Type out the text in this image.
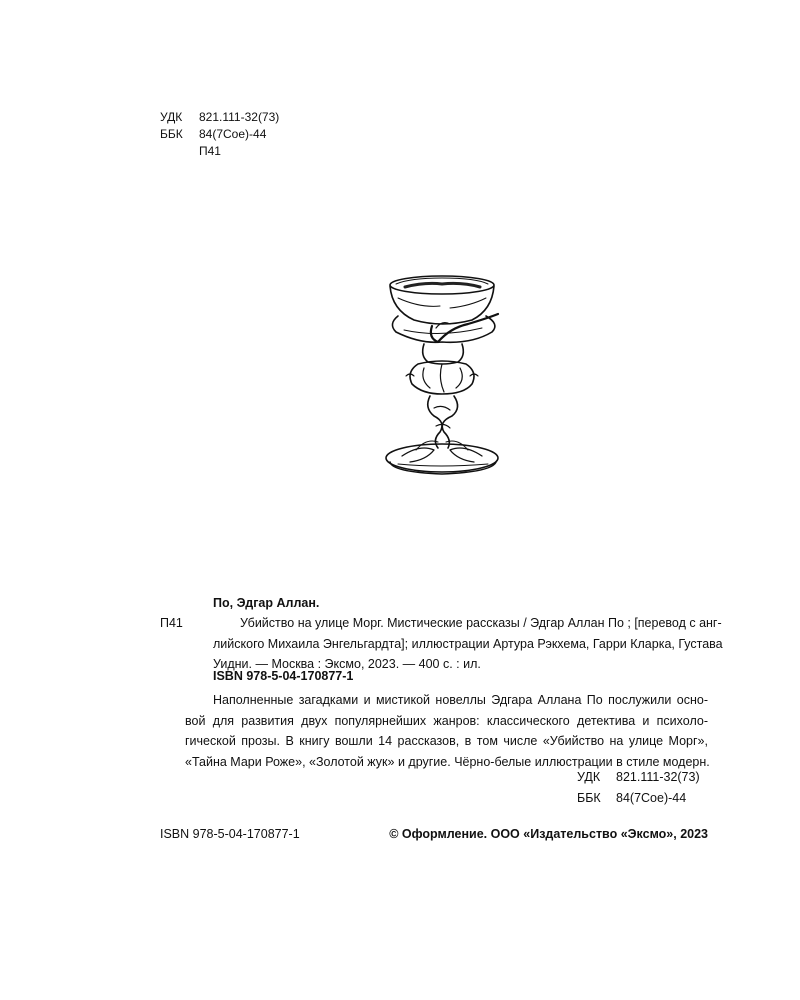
УДК 821.111-32(73)
ББК 84(7Сое)-44
П41
По, Эдгар Аллан.
П41	Убийство на улице Морг. Мистические рассказы / Эдгар Аллан По ; [перевод с анг-
лийского Михаила Энгельгардта]; иллюстрации Артура Рэкхема, Гарри Кларка, Густава
Уидни. — Москва : Эксмо, 2023. — 400 с. : ил.
ISBN 978-5-04-170877-1
Наполненные загадками и мистикой новеллы Эдгара Аллана По послужили осно-
вой для развития двух популярнейших жанров: классического детектива и психоло-
гической прозы. В книгу вошли 14 рассказов, в том числе «Убийство на улице Морг»,
«Тайна Мари Роже», «Золотой жук» и другие. Чёрно-белые иллюстрации в стиле модерн.
УДК 821.111-32(73)
ББК 84(7Сое)-44
ISBN 978-5-04-170877-1	© Оформление. ООО «Издательство «Эксмо», 2023
